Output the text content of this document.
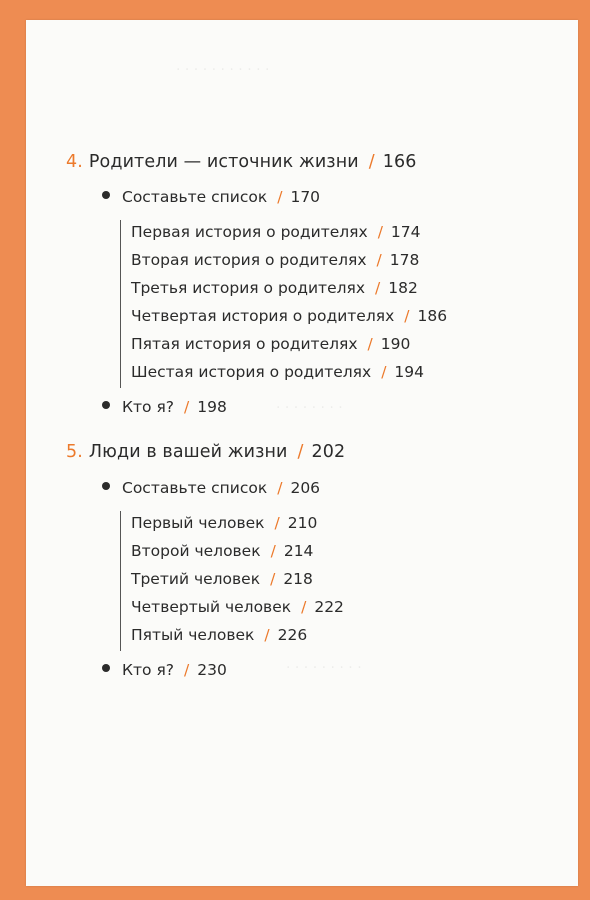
· · · · · · · · · · ·
· · · · · · · ·
· · · · · · · · ·
4. Родители — источник жизни / 166
Составьте список / 170
Первая история о родителях / 174
Вторая история о родителях / 178
Третья история о родителях / 182
Четвертая история о родителях / 186
Пятая история о родителях / 190
Шестая история о родителях / 194
Кто я? / 198
5. Люди в вашей жизни / 202
Составьте список / 206
Первый человек / 210
Второй человек / 214
Третий человек / 218
Четвертый человек / 222
Пятый человек / 226
Кто я? / 230
